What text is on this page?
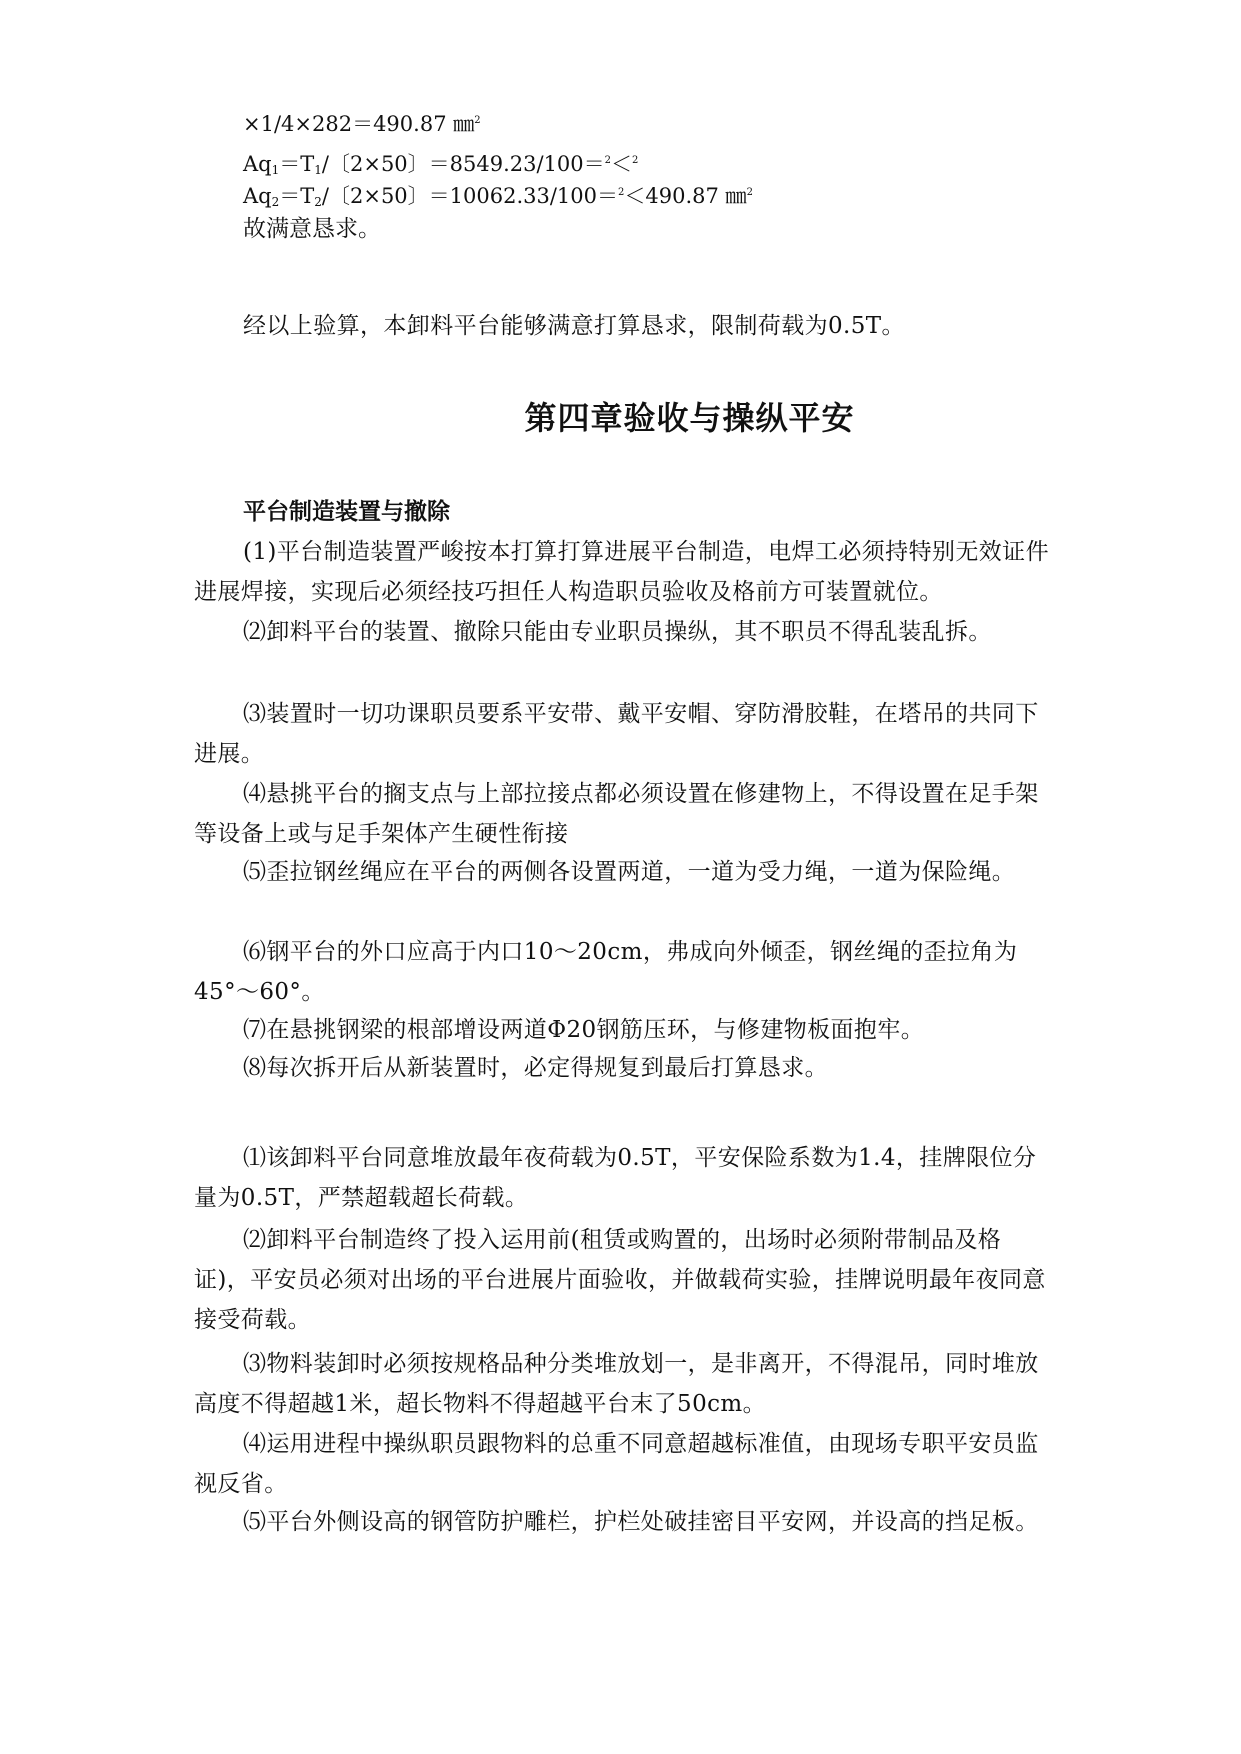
×1/4×282＝490.87 ㎜$^2$
$Aq_1=T_1/$〔2×50〕＝8549.23/100＝$^2$＜$^2$
$Aq_2=T_2/$〔2×50〕＝10062.33/100＝$^2$＜490.87 ㎜$^2$
故满意恳求。
经以上验算，本卸料平台能够满意打算恳求，限制荷载为0.5T。
第四章验收与操纵平安
平台制造装置与撤除

(1)平台制造装置严峻按本打算打算进展平台制造，电焊工必须持特别无效证件进展焊接，实现后必须经技巧担任人构造职员验收及格前方可装置就位。

⑵卸料平台的装置、撤除只能由专业职员操纵，其不职员不得乱装乱拆。

⑶装置时一切功课职员要系平安带、戴平安帽、穿防滑胶鞋，在塔吊的共同下进展。

⑷悬挑平台的搁支点与上部拉接点都必须设置在修建物上，不得设置在足手架等设备上或与足手架体产生硬性衔接

⑸歪拉钢丝绳应在平台的两侧各设置两道，一道为受力绳，一道为保险绳。

⑹钢平台的外口应高于内口10～20cm，弗成向外倾歪，钢丝绳的歪拉角为45°～60°。

⑺在悬挑钢梁的根部增设两道Φ20钢筋压环，与修建物板面抱牢。

⑻每次拆开后从新装置时，必定得规复到最后打算恳求。

⑴该卸料平台同意堆放最年夜荷载为0.5T，平安保险系数为1.4，挂牌限位分量为0.5T，严禁超载超长荷载。

⑵卸料平台制造终了投入运用前(租赁或购置的，出场时必须附带制品及格证)，平安员必须对出场的平台进展片面验收，并做载荷实验，挂牌说明最年夜同意接受荷载。

⑶物料装卸时必须按规格品种分类堆放划一，是非离开，不得混吊，同时堆放高度不得超越1米，超长物料不得超越平台末了50cm。

⑷运用进程中操纵职员跟物料的总重不同意超越标准值，由现场专职平安员监视反省。

⑸平台外侧设高的钢管防护雕栏，护栏处破挂密目平安网，并设高的挡足板。
